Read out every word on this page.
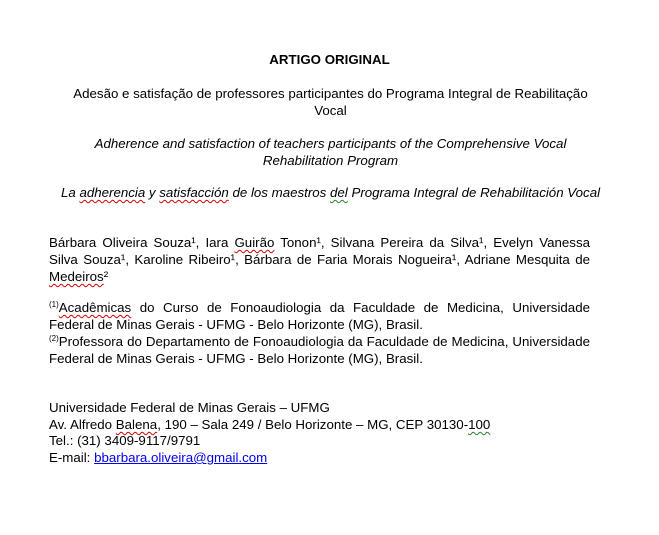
ARTIGO ORIGINAL
Adesão e satisfação de professores participantes do Programa Integral de Reabilitação Vocal
Adherence and satisfaction of teachers participants of the Comprehensive Vocal Rehabilitation Program
La adherencia y satisfacción de los maestros del Programa Integral de Rehabilitación Vocal
Bárbara Oliveira Souza¹, Iara Guirão Tonon¹, Silvana Pereira da Silva¹, Evelyn Vanessa Silva Souza¹, Karoline Ribeiro¹, Bárbara de Faria Morais Nogueira¹, Adriane Mesquita de Medeiros²
$^{(1)}$Acadêmicas do Curso de Fonoaudiologia da Faculdade de Medicina, Universidade Federal de Minas Gerais - UFMG - Belo Horizonte (MG), Brasil.
$^{(2)}$Professora do Departamento de Fonoaudiologia da Faculdade de Medicina, Universidade Federal de Minas Gerais - UFMG - Belo Horizonte (MG), Brasil.
Universidade Federal de Minas Gerais – UFMG
Av. Alfredo Balena, 190 – Sala 249 / Belo Horizonte – MG, CEP 30130-100
Tel.: (31) 3409-9117/9791
E-mail: bbarbara.oliveira@gmail.com
